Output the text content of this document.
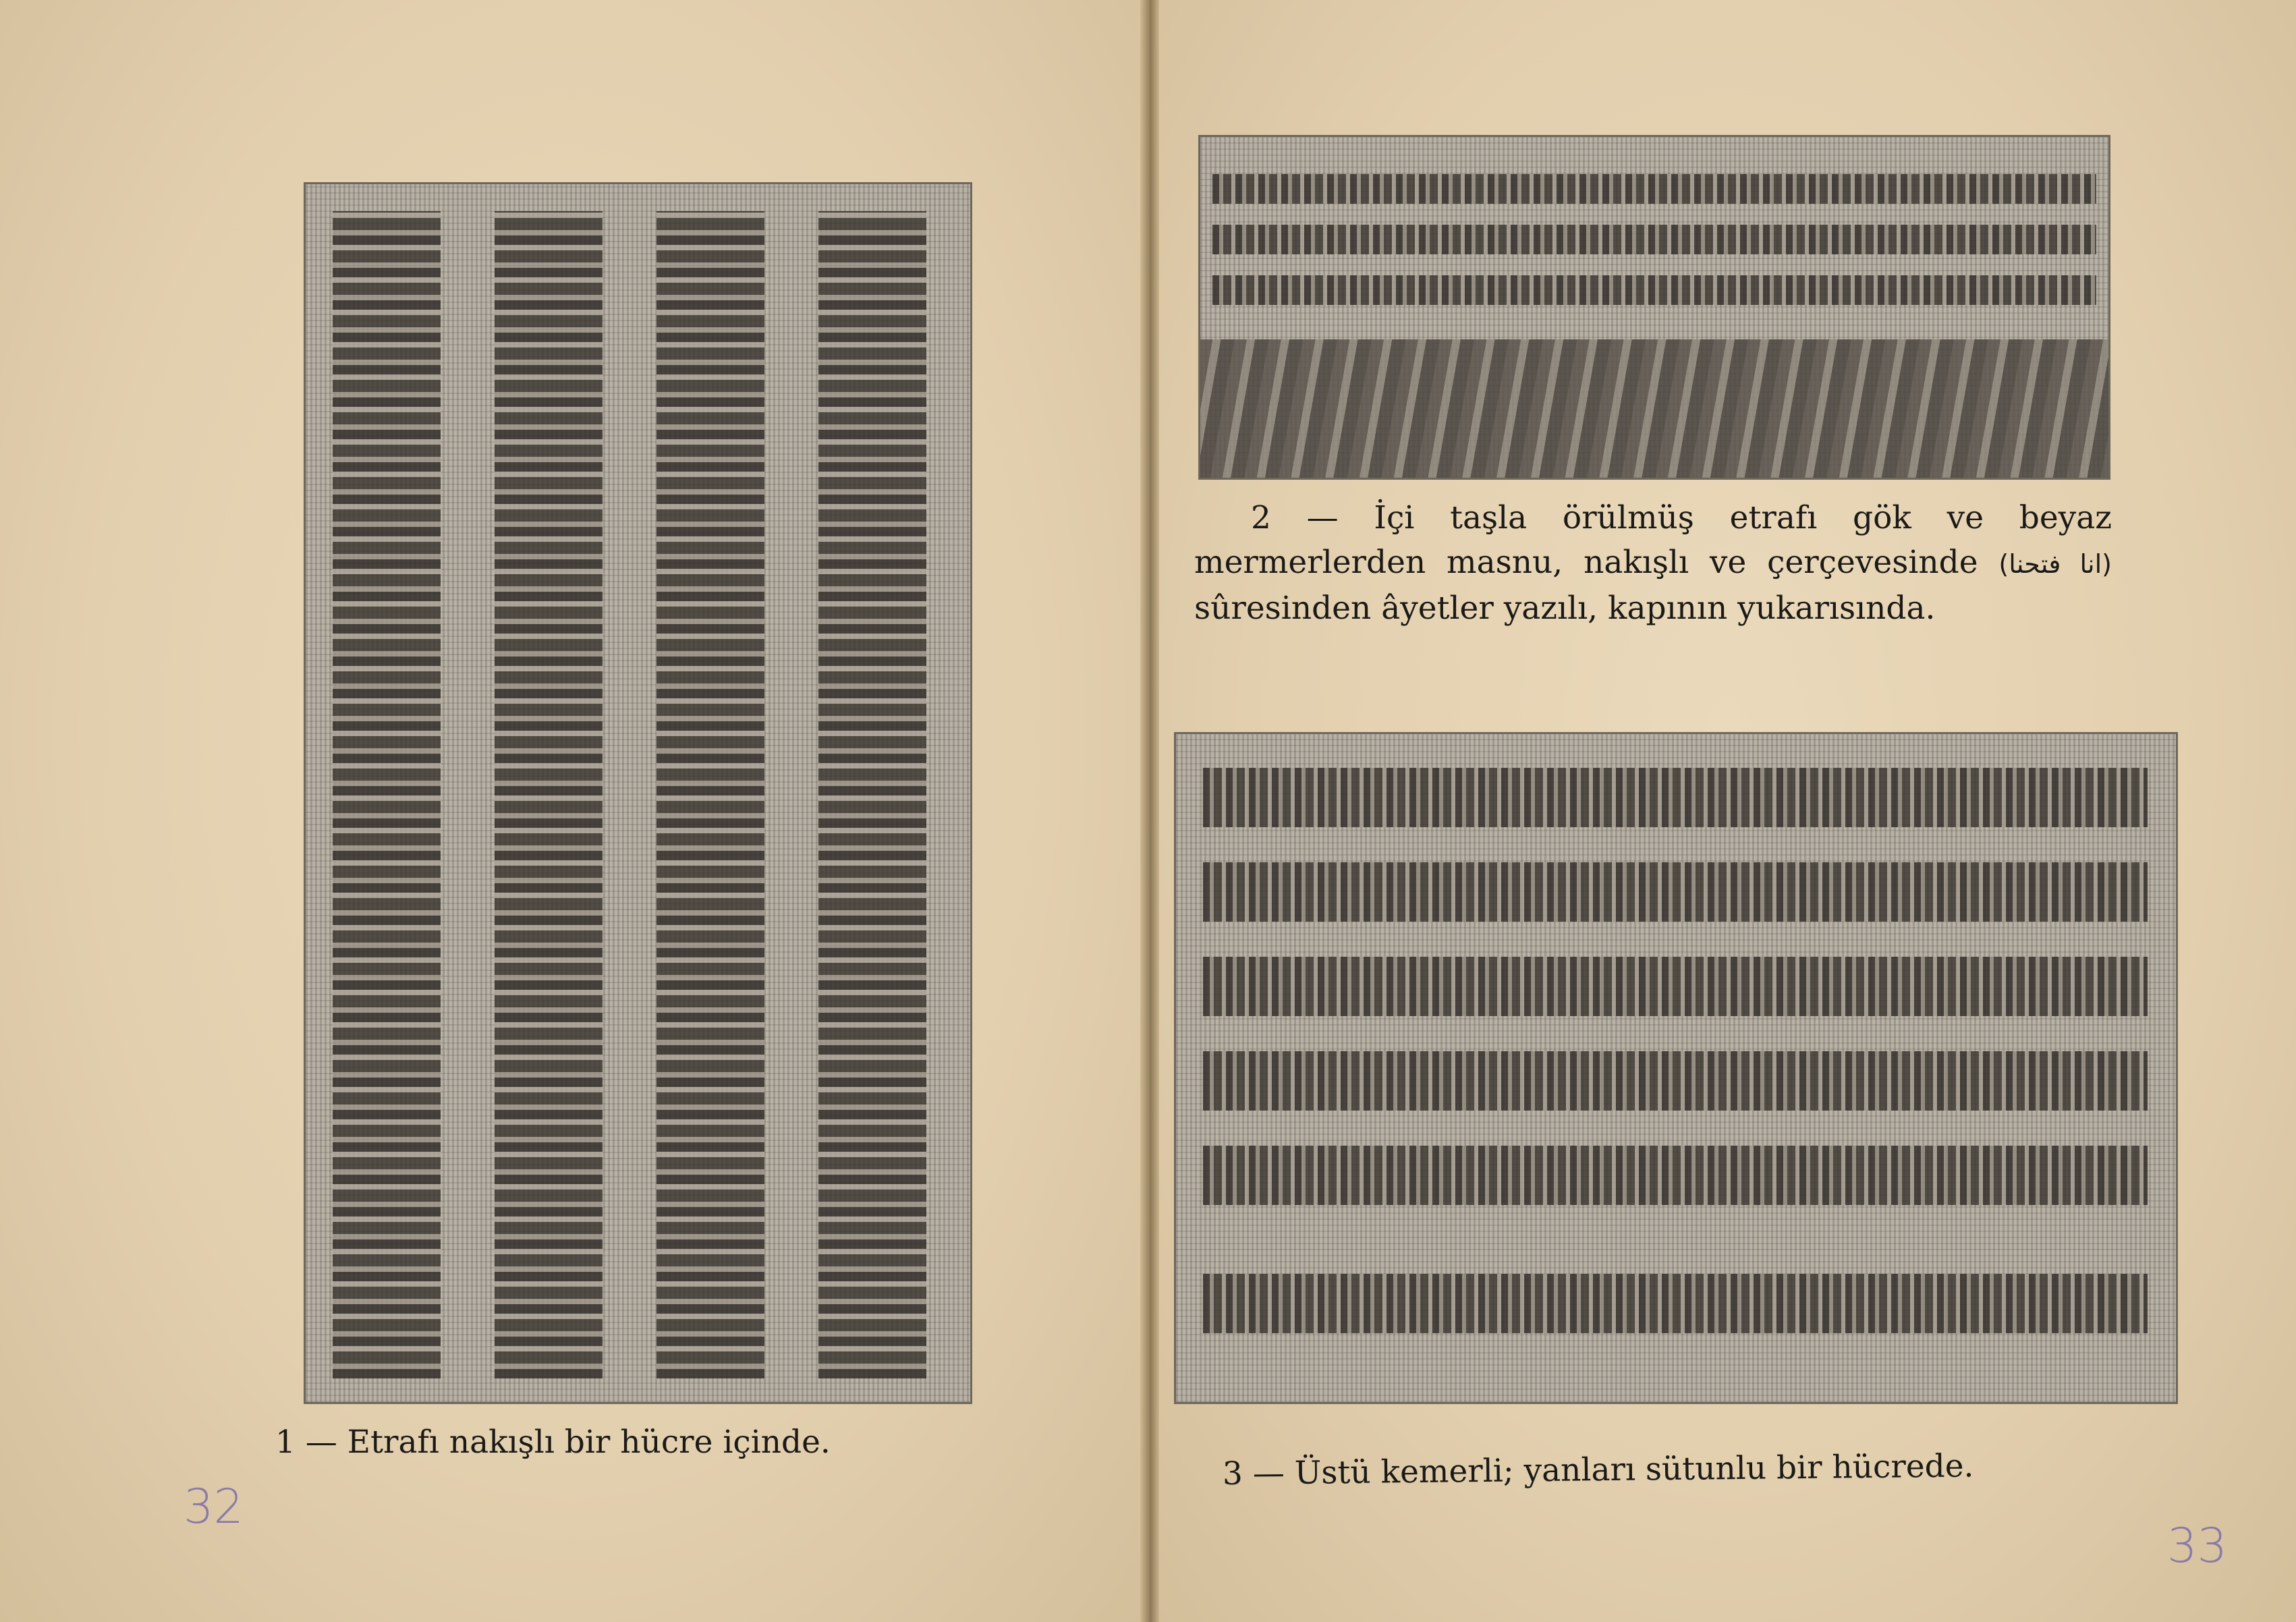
1 — Etrafı nakışlı bir hücre içinde.
32
2 — İçi taşla örülmüş etrafı gök ve beyaz mermerlerden masnu, nakışlı ve çerçevesinde (انا فتحنا) sûresinden âyetler yazılı, kapının yukarısında.
3 — Üstü kemerli; yanları sütunlu bir hücrede.
33
